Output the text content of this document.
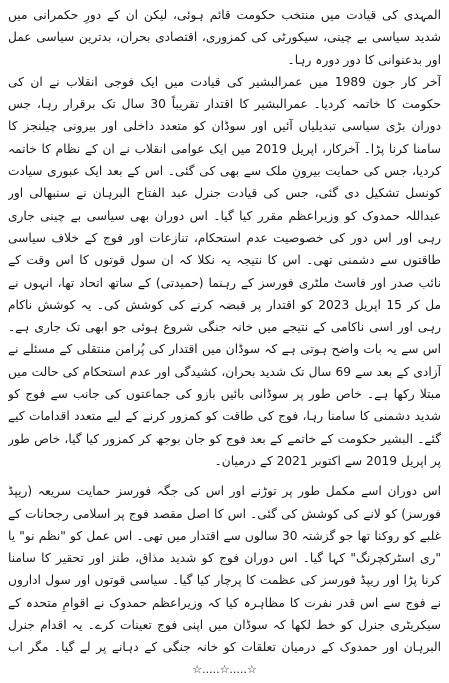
المہدی کی قیادت میں منتخب حکومت قائم ہوئی، لیکن ان کے دورِ حکمرانی میں شدید سیاسی بے چینی، سیکورٹی کی کمزوری، اقتصادی بحران، بدترین سیاسی عمل اور بدعنوانی کا دور دورہ رہا۔

آخر کار جون 1989 میں عمرالبشیر کی قیادت میں ایک فوجی انقلاب نے ان کی حکومت کا خاتمہ کردیا۔ عمرالبشیر کا اقتدار تقریباً 30 سال تک برقرار رہا، جس دوران بڑی سیاسی تبدیلیاں آئیں اور سوڈان کو متعدد داخلی اور بیرونی چیلنجز کا سامنا کرنا پڑا۔ آخرکار، اپریل 2019 میں ایک عوامی انقلاب نے ان کے نظام کا خاتمہ کردیا، جس کی حمایت بیرونِ ملک سے بھی کی گئی۔ اس کے بعد ایک عبوری سیادت کونسل تشکیل دی گئی، جس کی قیادت جنرل عبد الفتاح البرہان نے سنبھالی اور عبداللہ حمدوک کو وزیراعظم مقرر کیا گیا۔ اس دوران بھی سیاسی بے چینی جاری رہی اور اس دور کی خصوصیت عدم استحکام، تنازعات اور فوج کے خلاف سیاسی طاقتوں سے دشمنی تھی۔ اس کا نتیجہ یہ نکلا کہ ان سول قوتوں کا اس وقت کے نائب صدر اور فاسٹ ملٹری فورسز کے رہنما (حمیدتی) کے ساتھ اتحاد تھا، انہوں نے مل کر 15 اپریل 2023 کو اقتدار پر قبضہ کرنے کی کوشش کی۔ یہ کوشش ناکام رہی اور اسی ناکامی کے نتیجے میں خانہ جنگی شروع ہوئی جو ابھی تک جاری ہے۔ اس سے یہ بات واضح ہوتی ہے کہ سوڈان میں اقتدار کی پُرامن منتقلی کے مسئلے نے آزادی کے بعد سے 69 سال تک شدید بحران، کشیدگی اور عدم استحکام کی حالت میں مبتلا رکھا ہے۔ خاص طور پر سوڈانی بائیں بازو کی جماعتوں کی جانب سے فوج کو شدید دشمنی کا سامنا رہا، فوج کی طاقت کو کمزور کرنے کے لیے متعدد اقدامات کیے گئے۔ البشیر حکومت کے خاتمے کے بعد فوج کو جان بوجھ کر کمزور کیا گیا، خاص طور پر اپریل 2019 سے اکتوبر 2021 کے درمیان۔

اس دوران اسے مکمل طور پر توڑنے اور اس کی جگہ فورسز حمایت سریعہ (ریپڈ فورسز) کو لانے کی کوشش کی گئی۔ اس کا اصل مقصد فوج پر اسلامی رجحانات کے غلبے کو روکنا تھا جو گزشتہ 30 سالوں سے اقتدار میں تھی۔ اس عمل کو "نظم نو" یا "ری اسٹرکچرنگ" کہا گیا۔ اس دوران فوج کو شدید مذاق، طنز اور تحقیر کا سامنا کرنا پڑا اور ریپڈ فورسز کی عظمت کا پرچار کیا گیا۔ سیاسی قوتوں اور سول اداروں نے فوج سے اس قدر نفرت کا مظاہرہ کیا کہ وزیراعظم حمدوک نے اقوامِ متحدہ کے سیکریٹری جنرل کو خط لکھا کہ سوڈان میں اپنی فوج تعینات کرے۔ یہ اقدام جنرل البرہان اور حمدوک کے درمیان تعلقات کو خانہ جنگی کے دہانے پر لے گیا۔ مگر اب

☆.....☆.....☆
